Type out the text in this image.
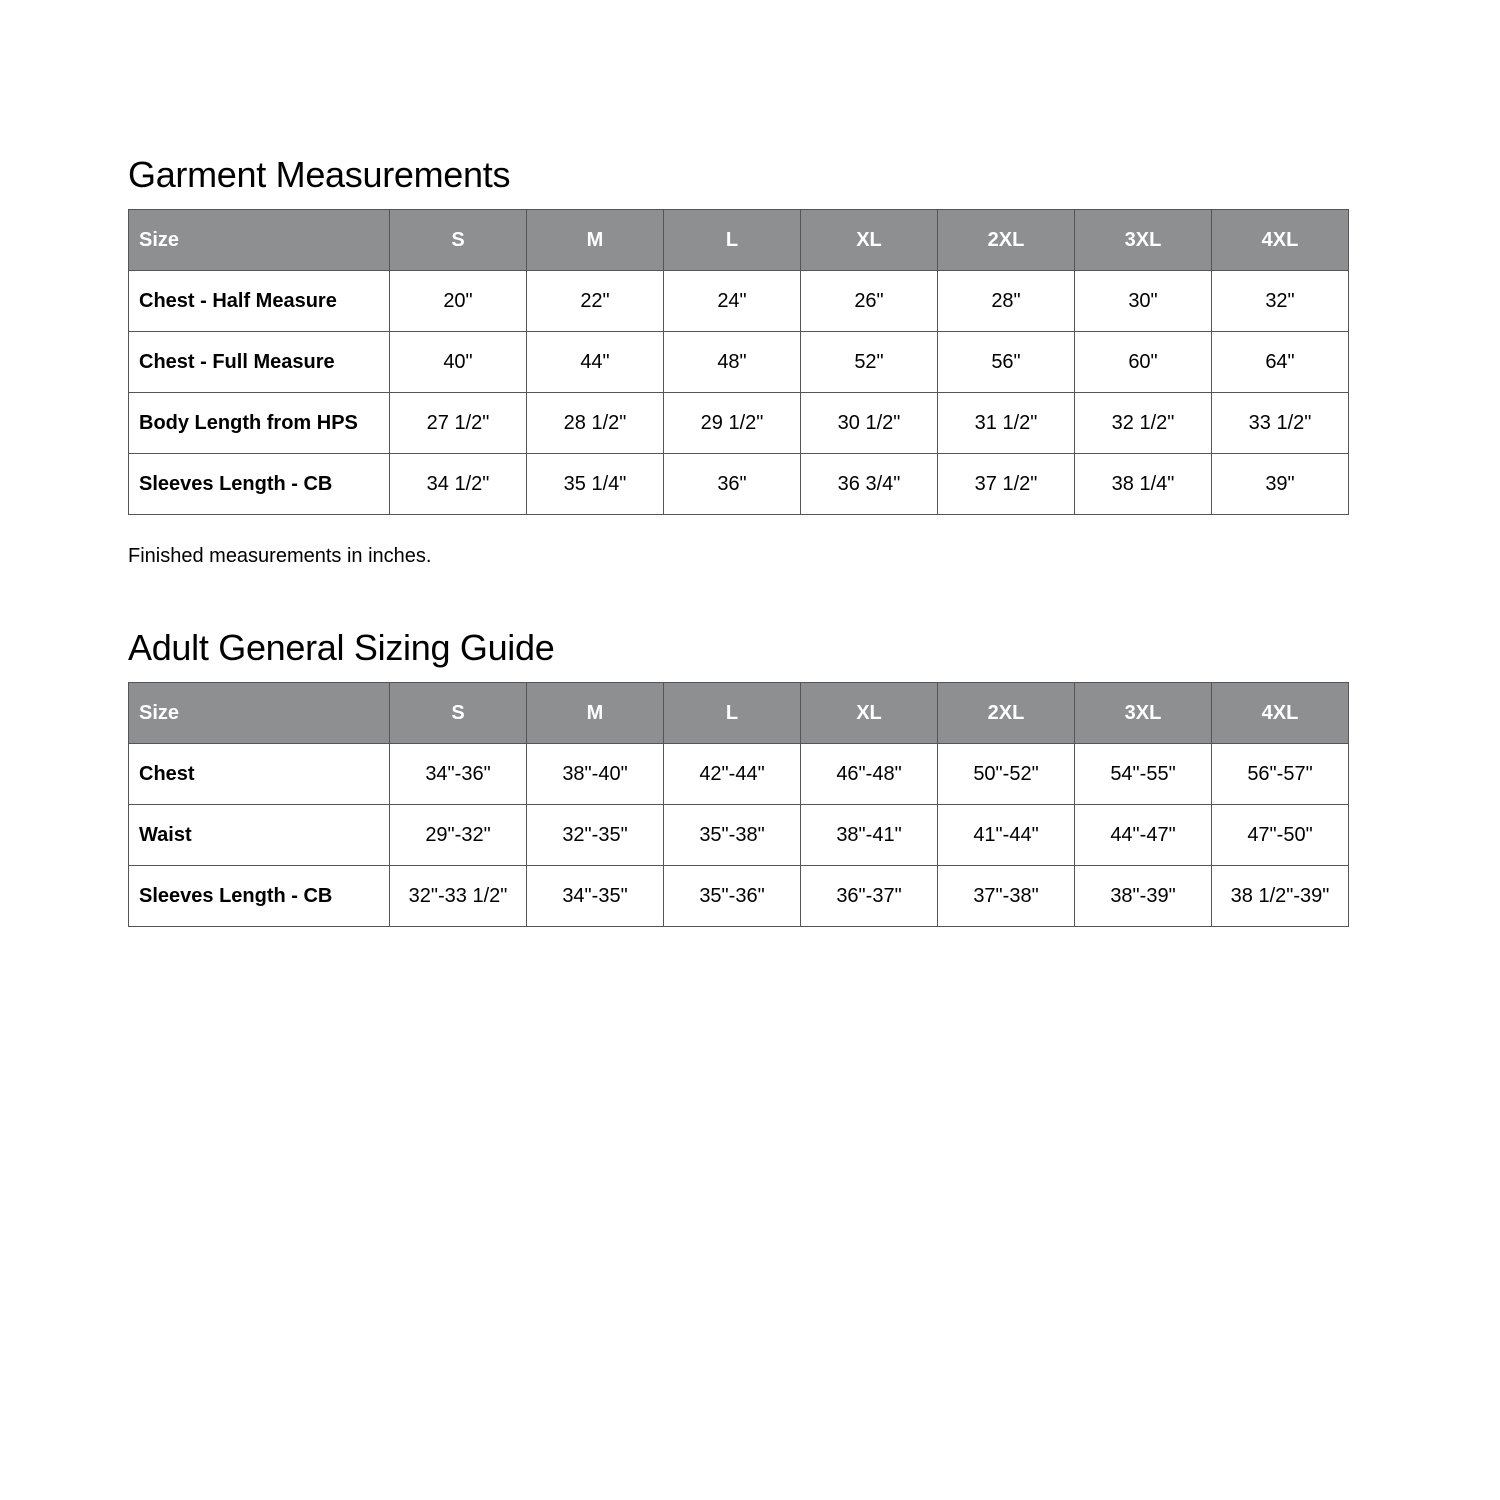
Garment Measurements
Size	S	M	L	XL	2XL	3XL	4XL
Chest - Half Measure	20"	22"	24"	26"	28"	30"	32"
Chest - Full Measure	40"	44"	48"	52"	56"	60"	64"
Body Length from HPS	27 1/2"	28 1/2"	29 1/2"	30 1/2"	31 1/2"	32 1/2"	33 1/2"
Sleeves Length - CB	34 1/2"	35 1/4"	36"	36 3/4"	37 1/2"	38 1/4"	39"

Finished measurements in inches.

Adult General Sizing Guide
Size	S	M	L	XL	2XL	3XL	4XL
Chest	34"-36"	38"-40"	42"-44"	46"-48"	50"-52"	54"-55"	56"-57"
Waist	29"-32"	32"-35"	35"-38"	38"-41"	41"-44"	44"-47"	47"-50"
Sleeves Length - CB	32"-33 1/2"	34"-35"	35"-36"	36"-37"	37"-38"	38"-39"	38 1/2"-39"
